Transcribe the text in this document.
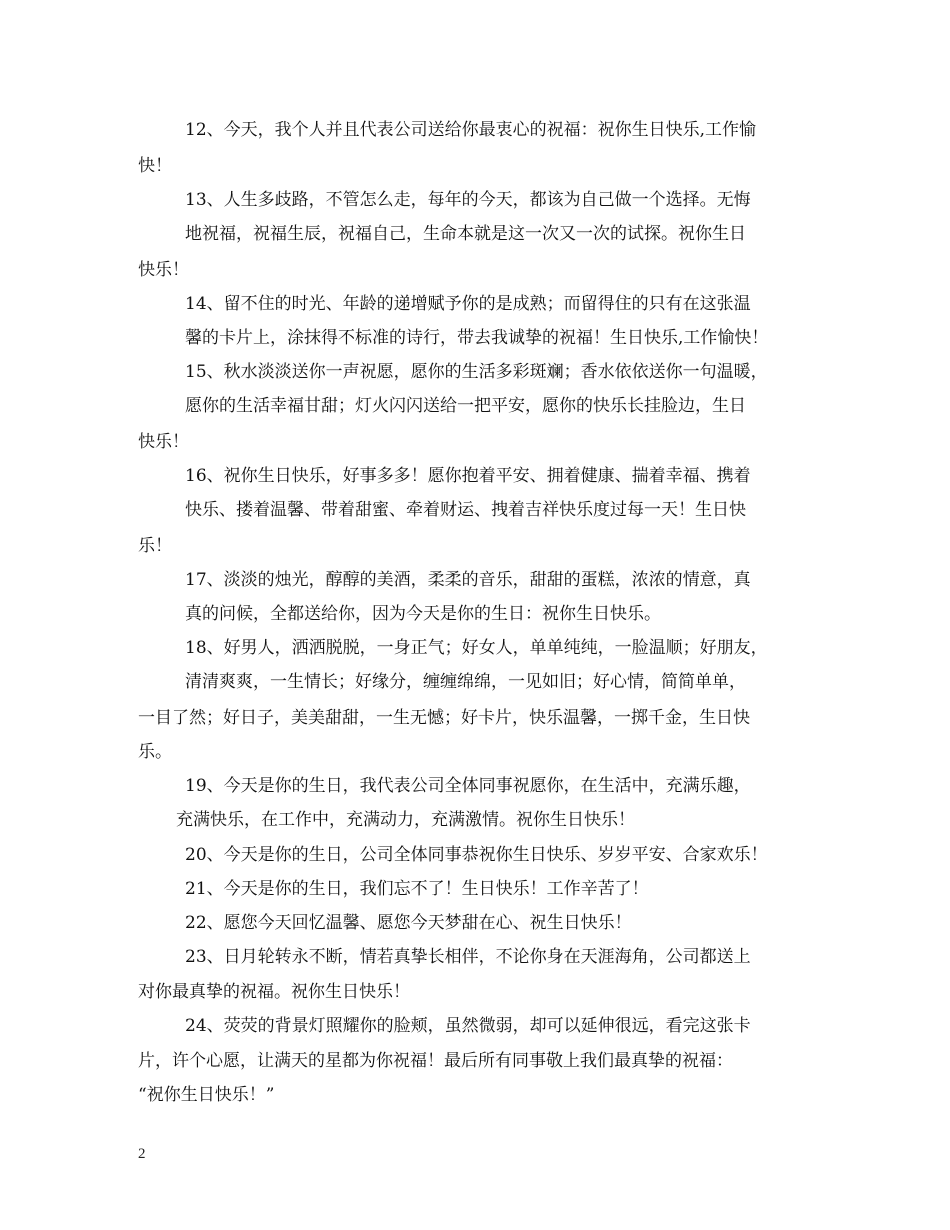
12、今天，我个人并且代表公司送给你最衷心的祝福：祝你生日快乐,工作愉
快！
13、人生多歧路，不管怎么走，每年的今天，都该为自己做一个选择。无悔
地祝福，祝福生辰，祝福自己，生命本就是这一次又一次的试探。祝你生日
快乐！
14、留不住的时光、年龄的递增赋予你的是成熟；而留得住的只有在这张温
馨的卡片上，涂抹得不标准的诗行，带去我诚挚的祝福！生日快乐,工作愉快！
15、秋水淡淡送你一声祝愿，愿你的生活多彩斑斓；香水依依送你一句温暖，
愿你的生活幸福甘甜；灯火闪闪送给一把平安，愿你的快乐长挂脸边，生日
快乐！
16、祝你生日快乐，好事多多！愿你抱着平安、拥着健康、揣着幸福、携着
快乐、搂着温馨、带着甜蜜、牵着财运、拽着吉祥快乐度过每一天！生日快
乐！
17、淡淡的烛光，醇醇的美酒，柔柔的音乐，甜甜的蛋糕，浓浓的情意，真
真的问候，全都送给你，因为今天是你的生日：祝你生日快乐。
18、好男人，洒洒脱脱，一身正气；好女人，单单纯纯，一脸温顺；好朋友，
清清爽爽，一生情长；好缘分，缠缠绵绵，一见如旧；好心情，简简单单，
一目了然；好日子，美美甜甜，一生无憾；好卡片，快乐温馨，一掷千金，生日快
乐。
19、今天是你的生日，我代表公司全体同事祝愿你，在生活中，充满乐趣，
充满快乐，在工作中，充满动力，充满激情。祝你生日快乐！
20、今天是你的生日，公司全体同事恭祝你生日快乐、岁岁平安、合家欢乐！
21、今天是你的生日，我们忘不了！生日快乐！工作辛苦了！
22、愿您今天回忆温馨、愿您今天梦甜在心、祝生日快乐！
23、日月轮转永不断，情若真挚长相伴，不论你身在天涯海角，公司都送上
对你最真挚的祝福。祝你生日快乐！
24、荧荧的背景灯照耀你的脸颊，虽然微弱，却可以延伸很远，看完这张卡
片，许个心愿，让满天的星都为你祝福！最后所有同事敬上我们最真挚的祝福：
“祝你生日快乐！”
2
